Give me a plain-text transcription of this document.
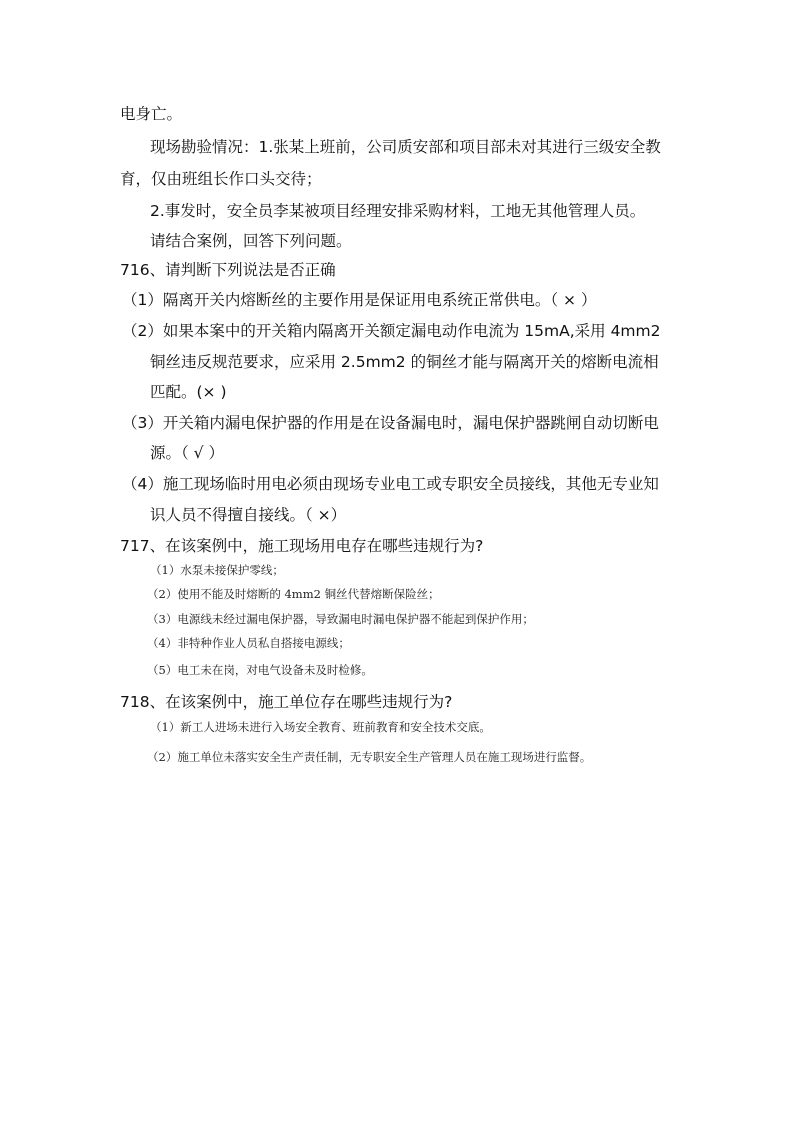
电身亡。
现场勘验情况：1.张某上班前，公司质安部和项目部未对其进行三级安全教
育，仅由班组长作口头交待；
2.事发时，安全员李某被项目经理安排采购材料，工地无其他管理人员。
请结合案例，回答下列问题。
716、请判断下列说法是否正确
（1）隔离开关内熔断丝的主要作用是保证用电系统正常供电。（ × ）
（2）如果本案中的开关箱内隔离开关额定漏电动作电流为 15mA,采用 4mm2
铜丝违反规范要求，应采用 2.5mm2 的铜丝才能与隔离开关的熔断电流相
匹配。(× )
（3）开关箱内漏电保护器的作用是在设备漏电时，漏电保护器跳闸自动切断电
源。（ √ ）
（4）施工现场临时用电必须由现场专业电工或专职安全员接线，其他无专业知
识人员不得擅自接线。（ ×）
717、在该案例中，施工现场用电存在哪些违规行为?
（1）水泵未接保护零线；
（2）使用不能及时熔断的 4mm2 铜丝代替熔断保险丝；
（3）电源线未经过漏电保护器，导致漏电时漏电保护器不能起到保护作用；
（4）非特种作业人员私自搭接电源线；
（5）电工未在岗，对电气设备未及时检修。
718、在该案例中，施工单位存在哪些违规行为?
（1）新工人进场未进行入场安全教育、班前教育和安全技术交底。
（2）施工单位未落实安全生产责任制，无专职安全生产管理人员在施工现场进行监督。
